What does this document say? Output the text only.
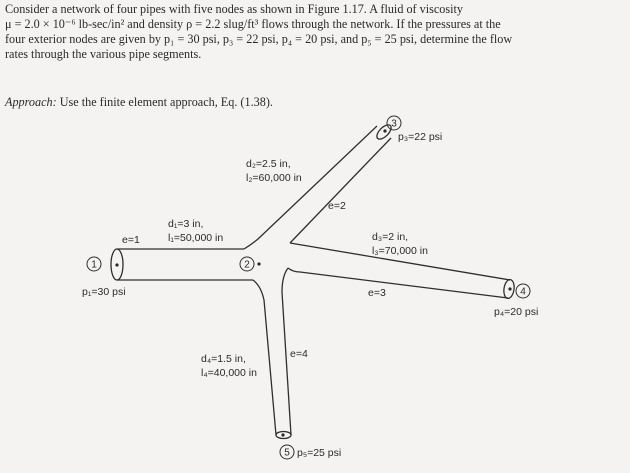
Consider a network of four pipes with five nodes as shown in Figure 1.17. A fluid of viscosity

μ = 2.0 × 10⁻⁶ lb-sec/in² and density ρ = 2.2 slug/ft³ flows through the network. If the pressures at the

four exterior nodes are given by p₁ = 30 psi, p₃ = 22 psi, p₄ = 20 psi, and p₅ = 25 psi, determine the flow

rates through the various pipe segments.

Approach: Use the finite element approach, Eq. (1.38).
1	2
3
4
5
e=1
e=2
e=3
e=4
d₁=3 in,
l₁=50,000 in
d₂=2.5 in,
l₂=60,000 in
d₃=2 in,
l₃=70,000 in
d₄=1.5 in,
l₄=40,000 in
p₁=30 psi
p₃=22 psi
p₄=20 psi
p₅=25 psi
